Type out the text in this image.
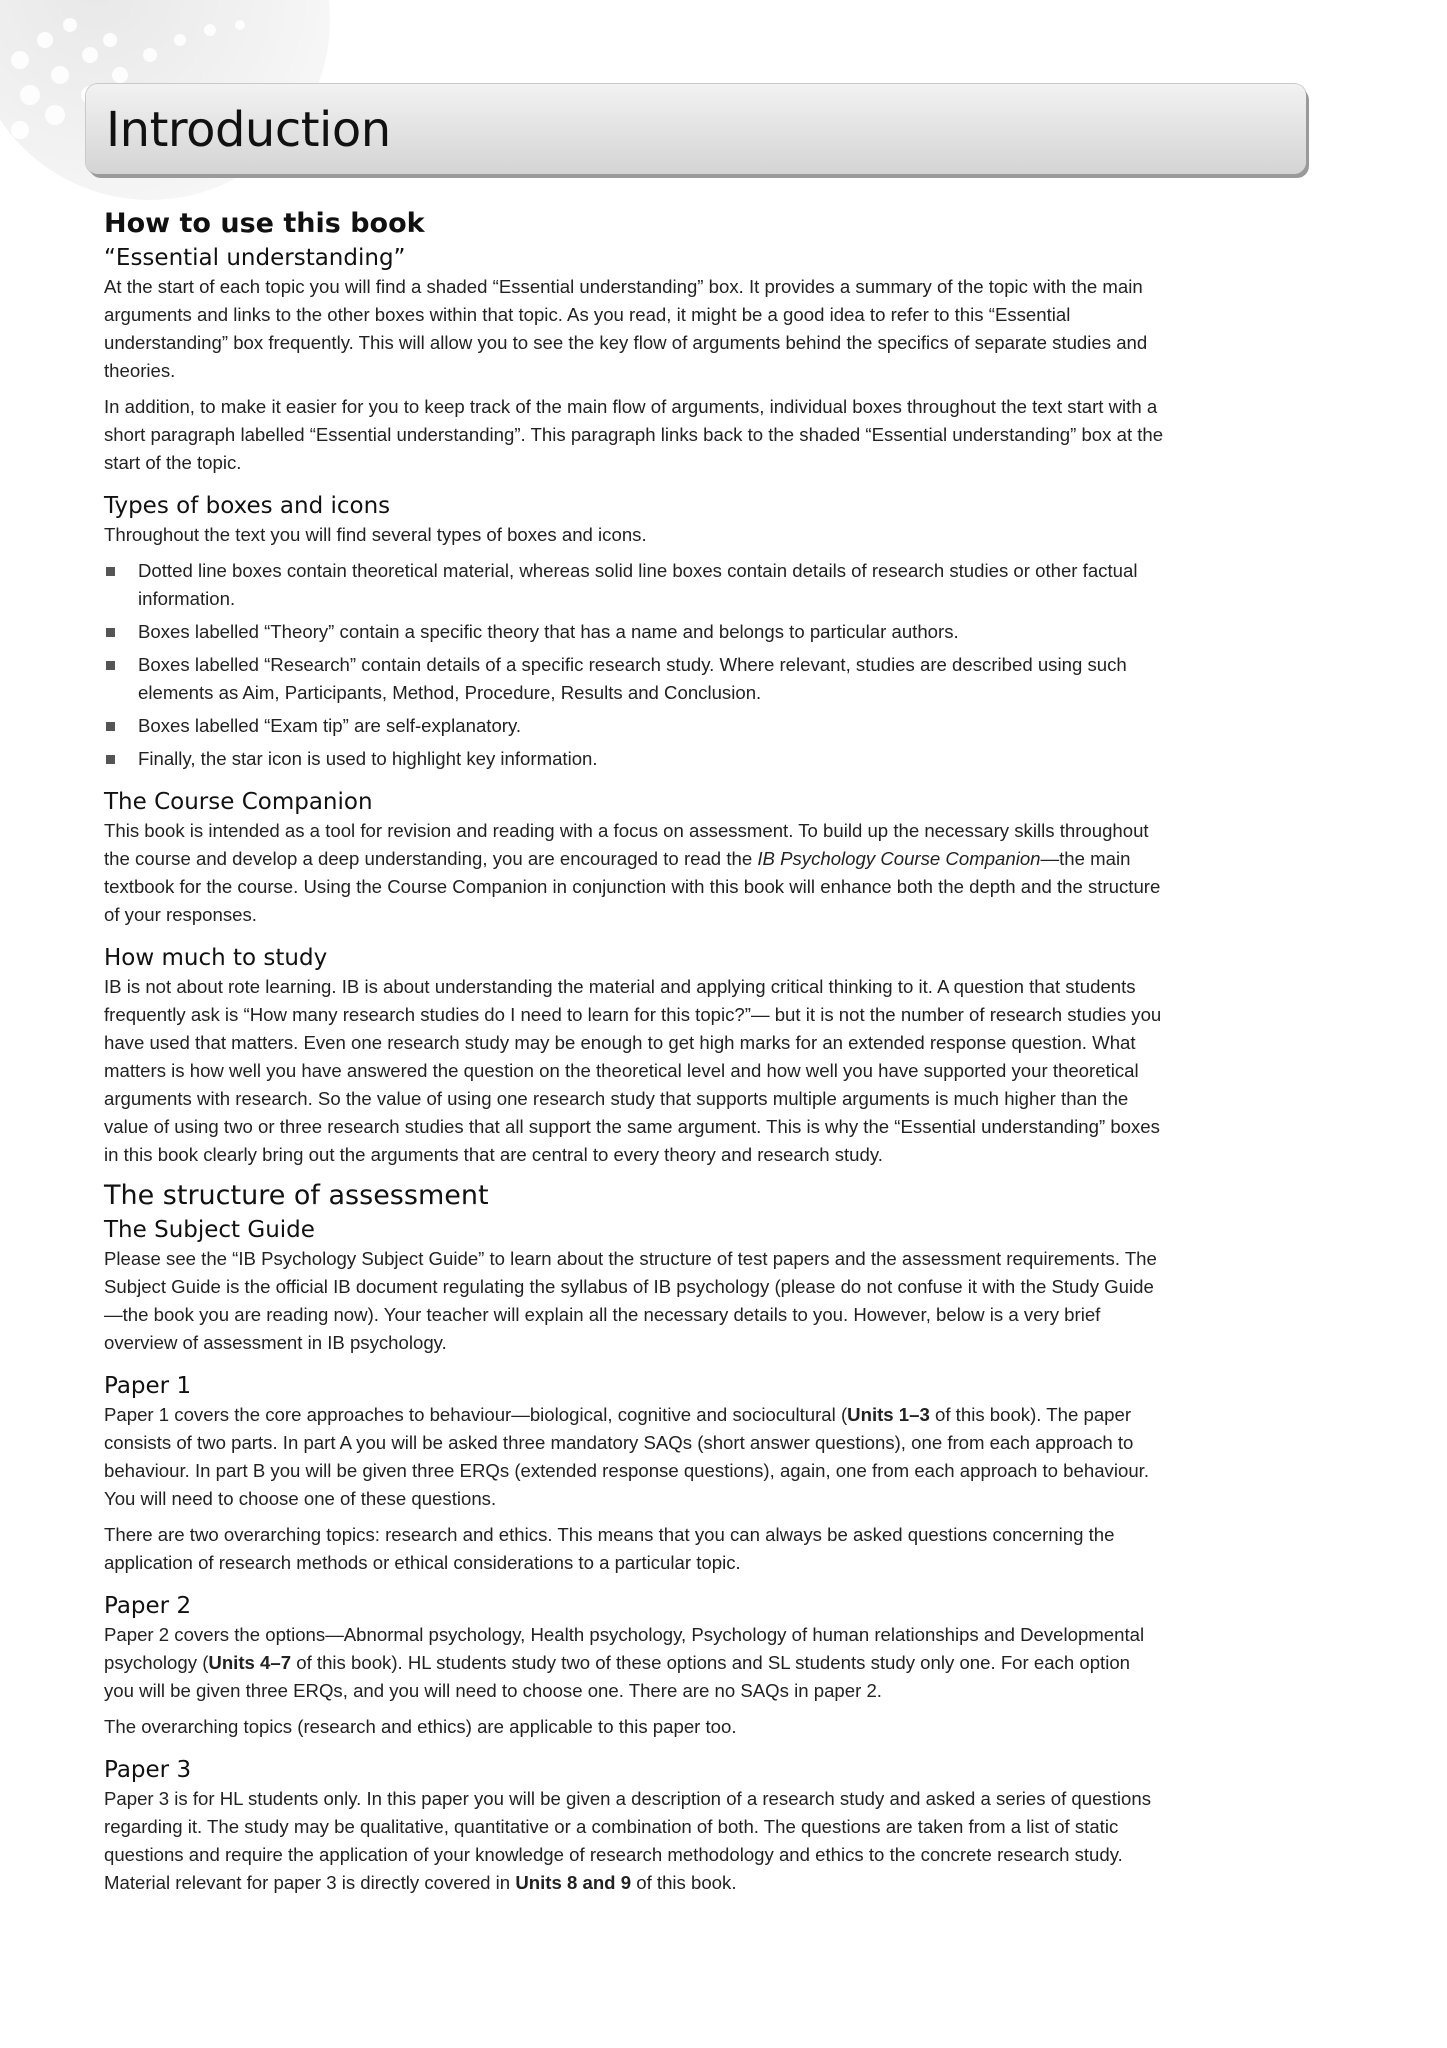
Introduction
How to use this book
“Essential understanding”

At the start of each topic you will find a shaded “Essential understanding” box. It provides a summary of the topic with the main arguments and links to the other boxes within that topic. As you read, it might be a good idea to refer to this “Essential understanding” box frequently. This will allow you to see the key flow of arguments behind the specifics of separate studies and theories.

In addition, to make it easier for you to keep track of the main flow of arguments, individual boxes throughout the text start with a short paragraph labelled “Essential understanding”. This paragraph links back to the shaded “Essential understanding” box at the start of the topic.

Types of boxes and icons

Throughout the text you will find several types of boxes and icons.

Dotted line boxes contain theoretical material, whereas solid line boxes contain details of research studies or other factual information.
Boxes labelled “Theory” contain a specific theory that has a name and belongs to particular authors.
Boxes labelled “Research” contain details of a specific research study. Where relevant, studies are described using such elements as Aim, Participants, Method, Procedure, Results and Conclusion.
Boxes labelled “Exam tip” are self-explanatory.
Finally, the star icon is used to highlight key information.
The Course Companion

This book is intended as a tool for revision and reading with a focus on assessment. To build up the necessary skills throughout the course and develop a deep understanding, you are encouraged to read the IB Psychology Course Companion—the main textbook for the course. Using the Course Companion in conjunction with this book will enhance both the depth and the structure of your responses.

How much to study

IB is not about rote learning. IB is about understanding the material and applying critical thinking to it. A question that students frequently ask is “How many research studies do I need to learn for this topic?”— but it is not the number of research studies you have used that matters. Even one research study may be enough to get high marks for an extended response question. What matters is how well you have answered the question on the theoretical level and how well you have supported your theoretical arguments with research. So the value of using one research study that supports multiple arguments is much higher than the value of using two or three research studies that all support the same argument. This is why the “Essential understanding” boxes in this book clearly bring out the arguments that are central to every theory and research study.

The structure of assessment
The Subject Guide

Please see the “IB Psychology Subject Guide” to learn about the structure of test papers and the assessment requirements. The Subject Guide is the official IB document regulating the syllabus of IB psychology (please do not confuse it with the Study Guide—the book you are reading now). Your teacher will explain all the necessary details to you. However, below is a very brief overview of assessment in IB psychology.

Paper 1

Paper 1 covers the core approaches to behaviour—biological, cognitive and sociocultural (Units 1–3 of this book). The paper consists of two parts. In part A you will be asked three mandatory SAQs (short answer questions), one from each approach to behaviour. In part B you will be given three ERQs (extended response questions), again, one from each approach to behaviour. You will need to choose one of these questions.

There are two overarching topics: research and ethics. This means that you can always be asked questions concerning the application of research methods or ethical considerations to a particular topic.

Paper 2

Paper 2 covers the options—Abnormal psychology, Health psychology, Psychology of human relationships and Developmental psychology (Units 4–7 of this book). HL students study two of these options and SL students study only one. For each option you will be given three ERQs, and you will need to choose one. There are no SAQs in paper 2.

The overarching topics (research and ethics) are applicable to this paper too.

Paper 3

Paper 3 is for HL students only. In this paper you will be given a description of a research study and asked a series of questions regarding it. The study may be qualitative, quantitative or a combination of both. The questions are taken from a list of static questions and require the application of your knowledge of research methodology and ethics to the concrete research study. Material relevant for paper 3 is directly covered in Units 8 and 9 of this book.
